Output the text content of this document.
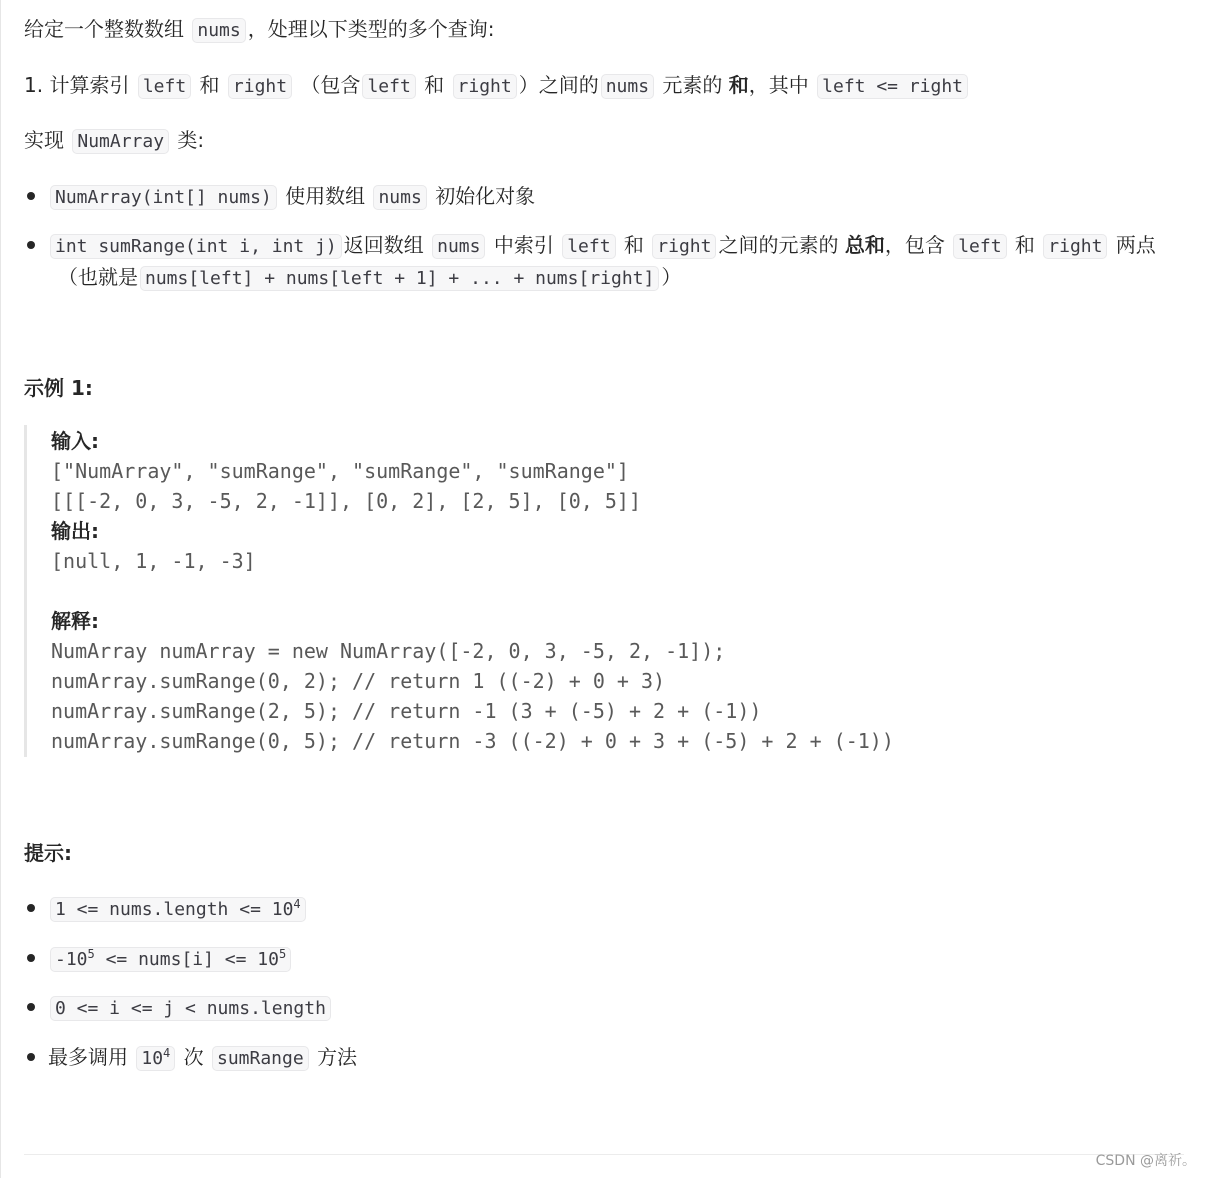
给定一个整数数组 nums ，处理以下类型的多个查询:
1. 计算索引 left 和 right （包含 left 和 right ）之间的 nums 元素的 和，其中 left <= right
实现 NumArray 类:
NumArray(int[] nums) 使用数组 nums 初始化对象
int sumRange(int i, int j) 返回数组 nums 中索引 left 和 right 之间的元素的 总和，包含 left 和 right 两点
（也就是 nums[left] + nums[left + 1] + ... + nums[right] ）
示例 1:
输入:
["NumArray", "sumRange", "sumRange", "sumRange"]
[[[-2, 0, 3, -5, 2, -1]], [0, 2], [2, 5], [0, 5]]
输出:
[null, 1, -1, -3]
解释:
NumArray numArray = new NumArray([-2, 0, 3, -5, 2, -1]);
numArray.sumRange(0, 2); // return 1 ((-2) + 0 + 3)
numArray.sumRange(2, 5); // return -1 (3 + (-5) + 2 + (-1))
numArray.sumRange(0, 5); // return -3 ((-2) + 0 + 3 + (-5) + 2 + (-1))
提示:
1 <= nums.length <= $10^4$
$-10^5$ <= nums[i] <= $10^5$
0 <= i <= j < nums.length
最多调用 $10^4$ 次 sumRange 方法
CSDN @离祈。
